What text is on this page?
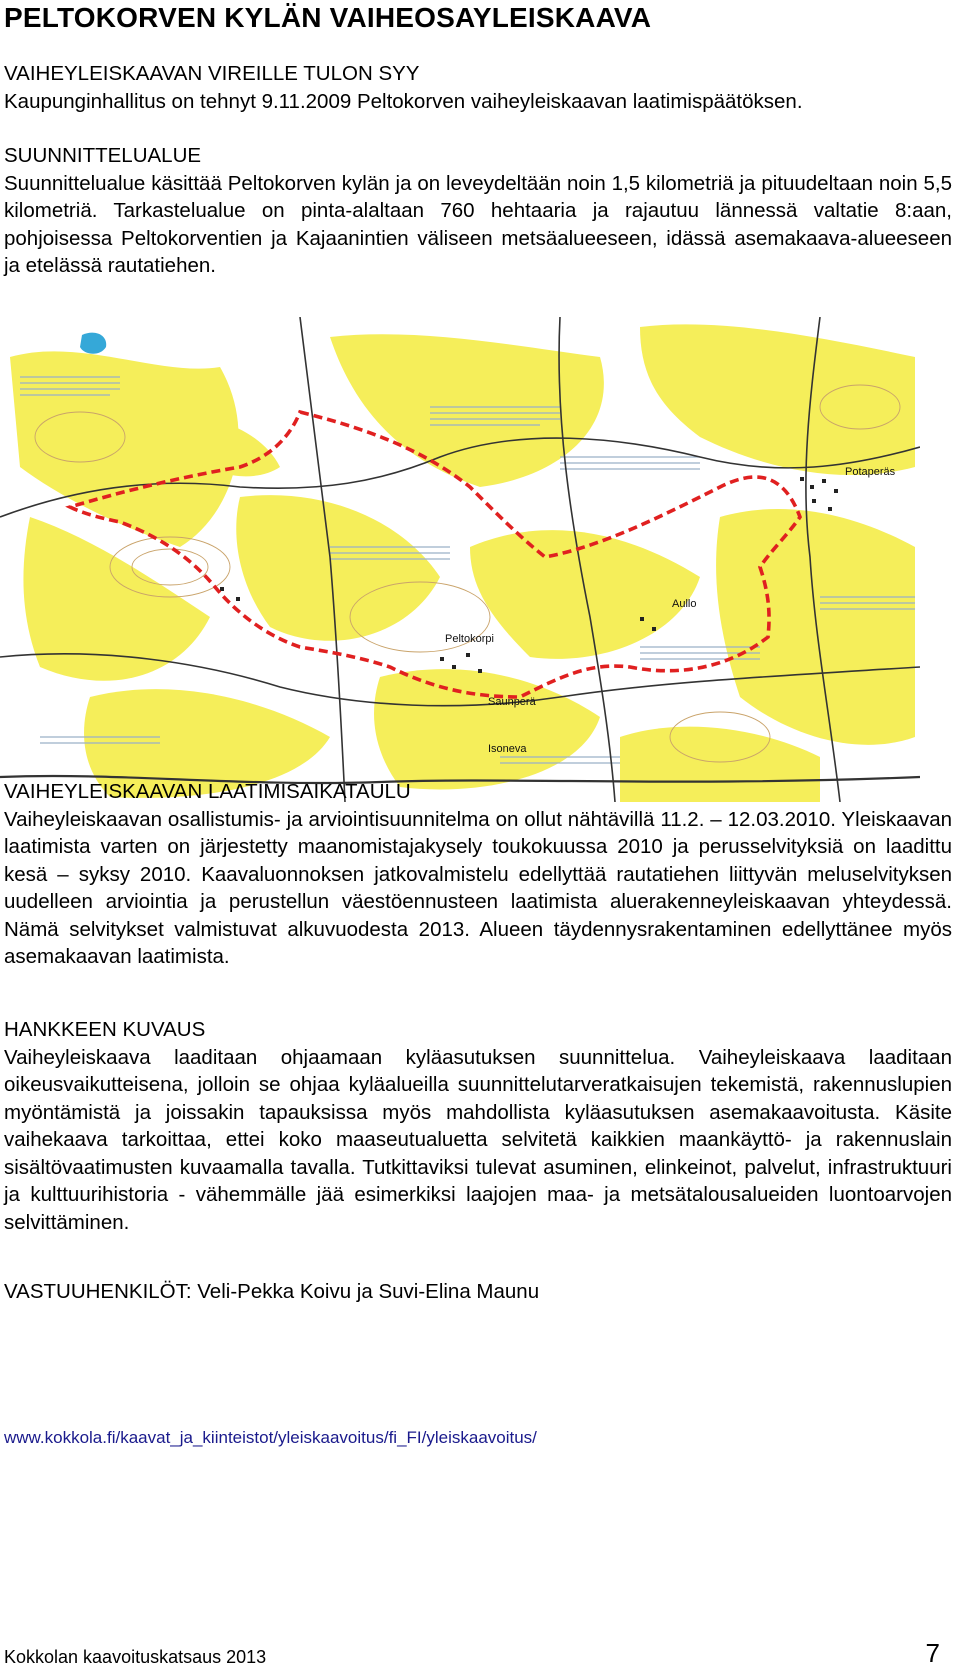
PELTOKORVEN KYLÄN VAIHEOSAYLEISKAAVA
VAIHEYLEISKAAVAN VIREILLE TULON SYY

Kaupunginhallitus on tehnyt 9.11.2009 Peltokorven vaiheyleiskaavan laatimispäätöksen.

SUUNNITTELUALUE

Suunnittelualue käsittää Peltokorven kylän ja on leveydeltään noin 1,5 kilometriä ja pituudeltaan noin 5,5 kilometriä. Tarkastelualue on pinta-alaltaan 760 hehtaaria ja rajautuu lännessä valtatie 8:aan, pohjoisessa Peltokorventien ja Kajaanintien väliseen metsäalueeseen, idässä asemakaava-alueeseen ja etelässä rautatiehen.

Peltokorpi
Saunperä
Isoneva
Potaperäs
Aullo
VAIHEYLEISKAAVAN LAATIMISAIKATAULU

Vaiheyleiskaavan osallistumis- ja arviointisuunnitelma on ollut nähtävillä 11.2. – 12.03.2010. Yleiskaavan laatimista varten on järjestetty maanomistajakysely toukokuussa 2010 ja perusselvityksiä on laadittu kesä – syksy 2010. Kaavaluonnoksen jatkovalmistelu edellyttää rautatiehen liittyvän meluselvityksen uudelleen arviointia ja perustellun väestöennusteen laatimista aluerakenneyleiskaavan yhteydessä. Nämä selvitykset valmistuvat alkuvuodesta 2013. Alueen täydennysrakentaminen edellyttänee myös asemakaavan laatimista.

HANKKEEN KUVAUS

Vaiheyleiskaava laaditaan ohjaamaan kyläasutuksen suunnittelua. Vaiheyleiskaava laaditaan oikeusvaikutteisena, jolloin se ohjaa kyläalueilla suunnittelutarveratkaisujen tekemistä, rakennuslupien myöntämistä ja joissakin tapauksissa myös mahdollista kyläasutuksen asemakaavoitusta. Käsite vaihekaava tarkoittaa, ettei koko maaseutualuetta selvitetä kaikkien maankäyttö- ja rakennuslain sisältövaatimusten kuvaamalla tavalla. Tutkittaviksi tulevat asuminen, elinkeinot, palvelut, infrastruktuuri ja kulttuurihistoria - vähemmälle jää esimerkiksi laajojen maa- ja metsätalousalueiden luontoarvojen selvittäminen.

VASTUUHENKILÖT: Veli-Pekka Koivu ja Suvi-Elina Maunu

www.kokkola.fi/kaavat_ja_kiinteistot/yleiskaavoitus/fi_FI/yleiskaavoitus/
Kokkolan kaavoituskatsaus 2013	7
